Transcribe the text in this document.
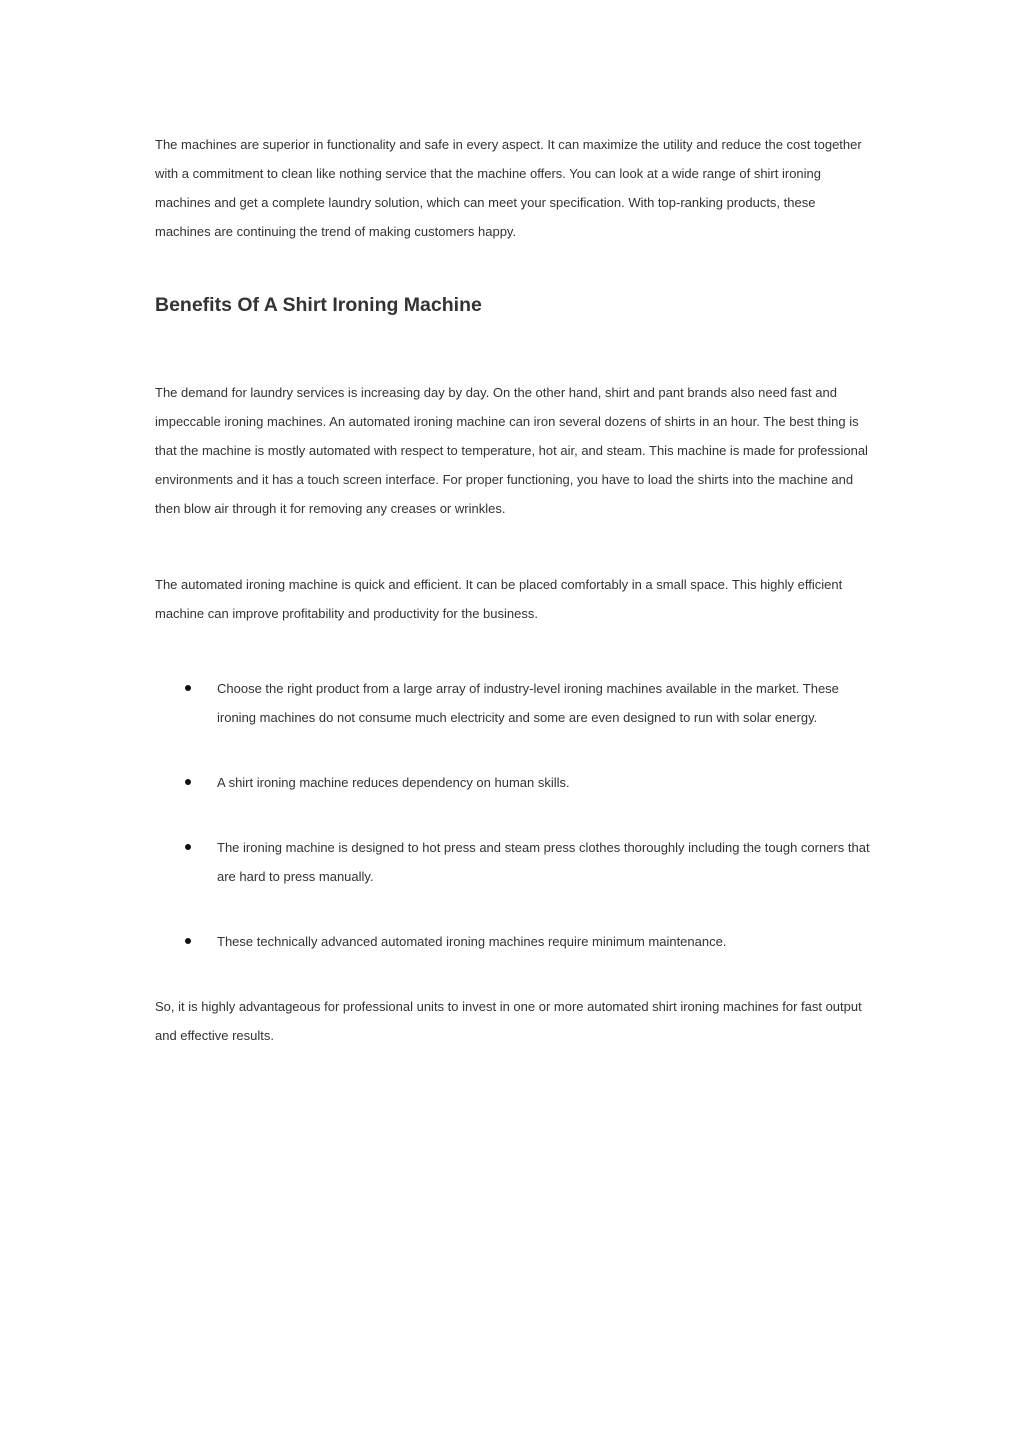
The machines are superior in functionality and safe in every aspect. It can maximize the utility and reduce the cost together with a commitment to clean like nothing service that the machine offers. You can look at a wide range of shirt ironing machines and get a complete laundry solution, which can meet your specification. With top-ranking products, these machines are continuing the trend of making customers happy.

Benefits Of A Shirt Ironing Machine

The demand for laundry services is increasing day by day. On the other hand, shirt and pant brands also need fast and impeccable ironing machines. An automated ironing machine can iron several dozens of shirts in an hour. The best thing is that the machine is mostly automated with respect to temperature, hot air, and steam. This machine is made for professional environments and it has a touch screen interface. For proper functioning, you have to load the shirts into the machine and then blow air through it for removing any creases or wrinkles.

The automated ironing machine is quick and efficient. It can be placed comfortably in a small space. This highly efficient machine can improve profitability and productivity for the business.

Choose the right product from a large array of industry-level ironing machines available in the market. These ironing machines do not consume much electricity and some are even designed to run with solar energy.
A shirt ironing machine reduces dependency on human skills.
The ironing machine is designed to hot press and steam press clothes thoroughly including the tough corners that are hard to press manually.
These technically advanced automated ironing machines require minimum maintenance.

So, it is highly advantageous for professional units to invest in one or more automated shirt ironing machines for fast output and effective results.
